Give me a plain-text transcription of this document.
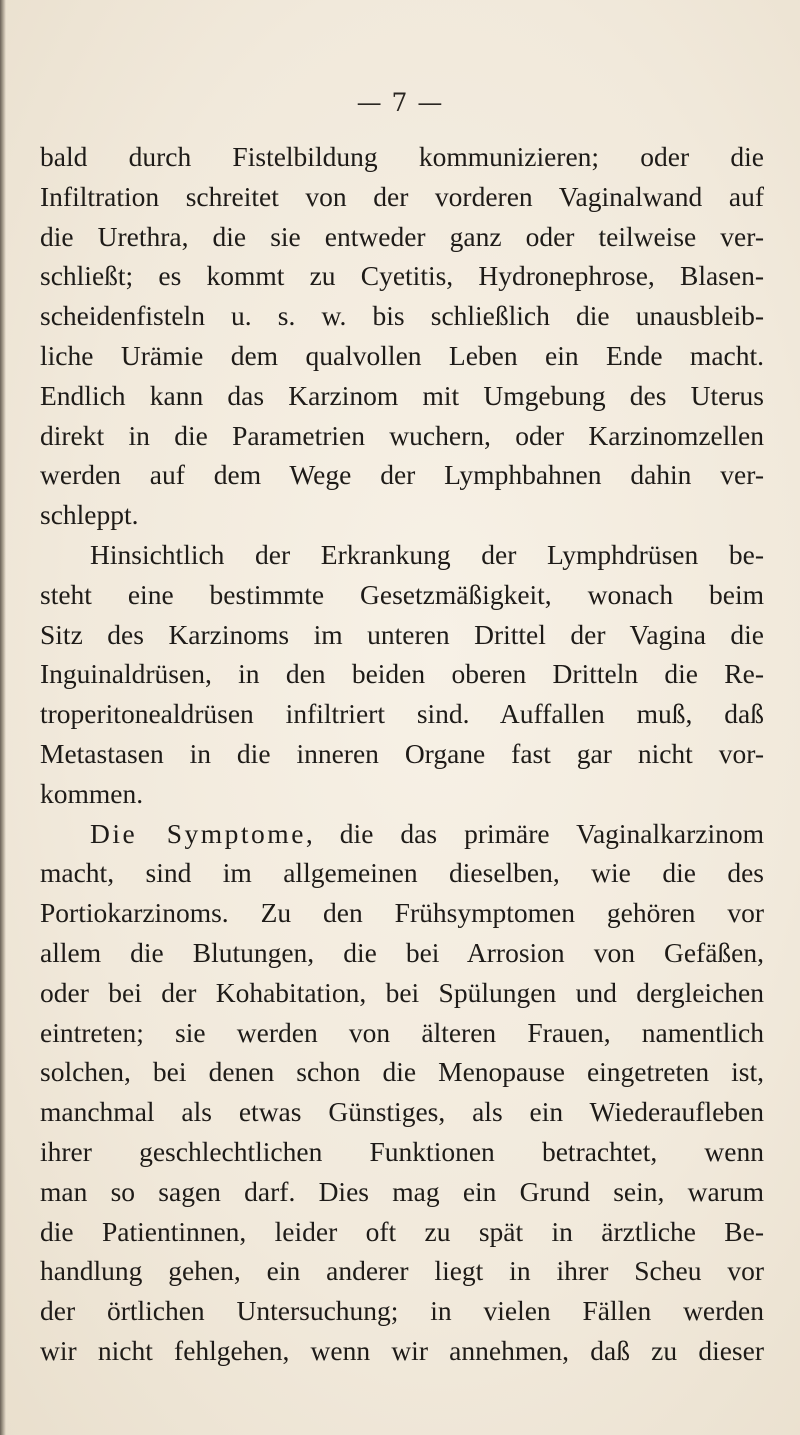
— 7 —
bald durch Fistelbildung kommunizieren; oder die
Infiltration schreitet von der vorderen Vaginalwand auf
die Urethra, die sie entweder ganz oder teilweise ver-
schließt; es kommt zu Cyetitis, Hydronephrose, Blasen-
scheidenfisteln u. s. w. bis schließlich die unausbleib-
liche Urämie dem qualvollen Leben ein Ende macht.
Endlich kann das Karzinom mit Umgebung des Uterus
direkt in die Parametrien wuchern, oder Karzinomzellen
werden auf dem Wege der Lymphbahnen dahin ver-
schleppt.
Hinsichtlich der Erkrankung der Lymphdrüsen be-
steht eine bestimmte Gesetzmäßigkeit, wonach beim
Sitz des Karzinoms im unteren Drittel der Vagina die
Inguinaldrüsen, in den beiden oberen Dritteln die Re-
troperitonealdrüsen infiltriert sind. Auffallen muß, daß
Metastasen in die inneren Organe fast gar nicht vor-
kommen.
Die Symptome, die das primäre Vaginalkarzinom
macht, sind im allgemeinen dieselben, wie die des
Portiokarzinoms. Zu den Frühsymptomen gehören vor
allem die Blutungen, die bei Arrosion von Gefäßen,
oder bei der Kohabitation, bei Spülungen und dergleichen
eintreten; sie werden von älteren Frauen, namentlich
solchen, bei denen schon die Menopause eingetreten ist,
manchmal als etwas Günstiges, als ein Wiederaufleben
ihrer geschlechtlichen Funktionen betrachtet, wenn
man so sagen darf. Dies mag ein Grund sein, warum
die Patientinnen, leider oft zu spät in ärztliche Be-
handlung gehen, ein anderer liegt in ihrer Scheu vor
der örtlichen Untersuchung; in vielen Fällen werden
wir nicht fehlgehen, wenn wir annehmen, daß zu dieser
